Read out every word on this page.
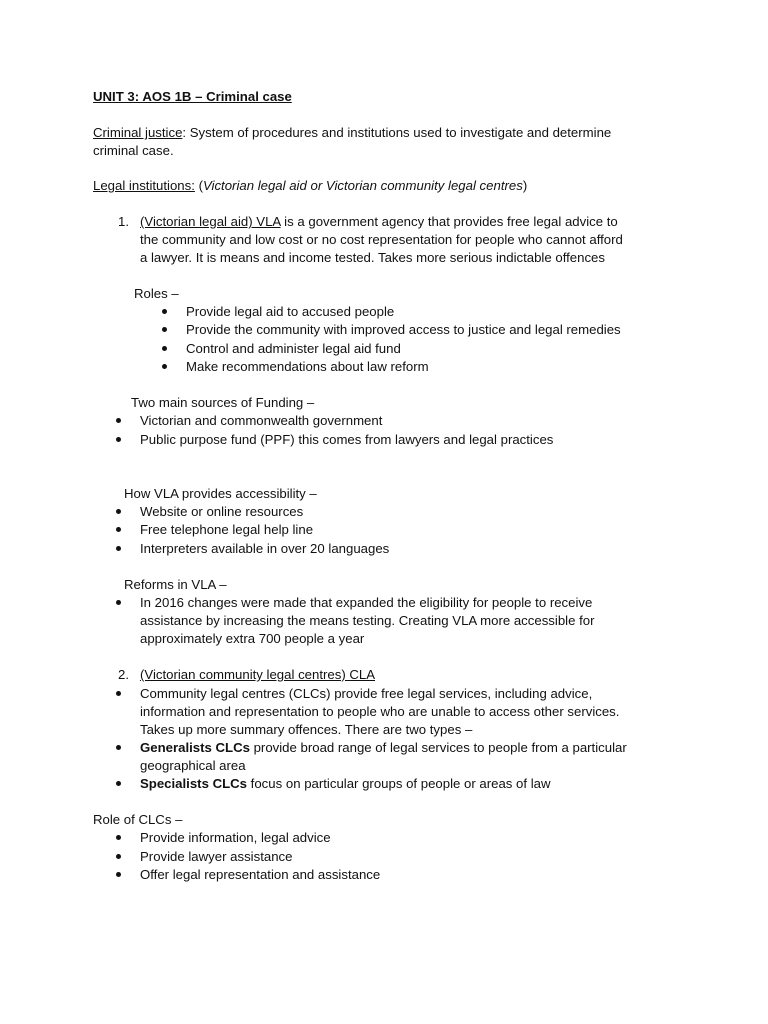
UNIT 3: AOS 1B – Criminal case
Criminal justice: System of procedures and institutions used to investigate and determine
criminal case.
Legal institutions: (Victorian legal aid or Victorian community legal centres)
1. (Victorian legal aid) VLA is a government agency that provides free legal advice to
the community and low cost or no cost representation for people who cannot afford
a lawyer. It is means and income tested. Takes more serious indictable offences
Roles –
Provide legal aid to accused people
Provide the community with improved access to justice and legal remedies
Control and administer legal aid fund
Make recommendations about law reform
Two main sources of Funding –
Victorian and commonwealth government
Public purpose fund (PPF) this comes from lawyers and legal practices
How VLA provides accessibility –
Website or online resources
Free telephone legal help line
Interpreters available in over 20 languages
Reforms in VLA –
In 2016 changes were made that expanded the eligibility for people to receive
assistance by increasing the means testing. Creating VLA more accessible for
approximately extra 700 people a year
2. (Victorian community legal centres) CLA
Community legal centres (CLCs) provide free legal services, including advice,
information and representation to people who are unable to access other services.
Takes up more summary offences. There are two types –
Generalists CLCs provide broad range of legal services to people from a particular
geographical area
Specialists CLCs focus on particular groups of people or areas of law
Role of CLCs –
Provide information, legal advice
Provide lawyer assistance
Offer legal representation and assistance
